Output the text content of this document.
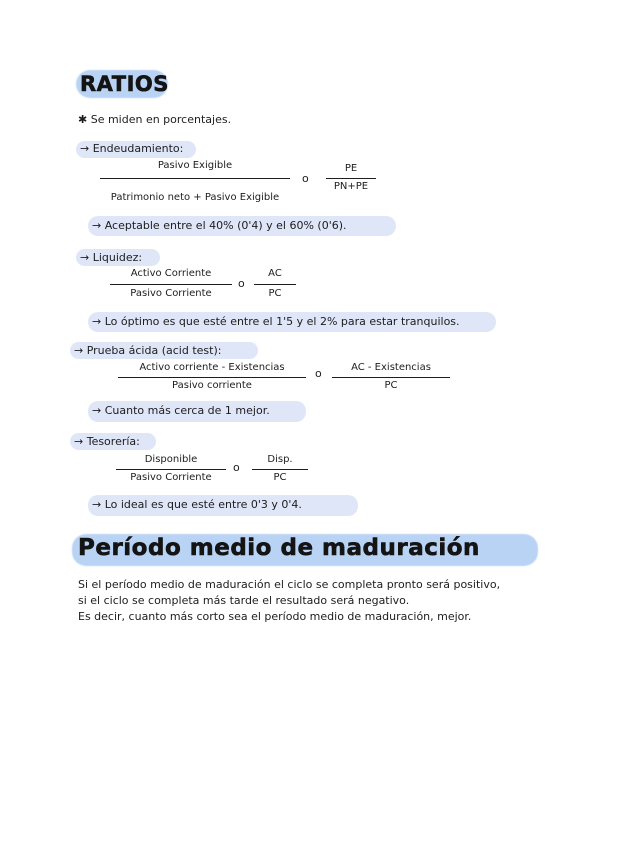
RATIOS
✱ Se miden en porcentajes.
→ Endeudamiento:
Pasivo Exigible
Patrimonio neto + Pasivo Exigible
o
PE
PN+PE
→ Aceptable entre el 40% (0'4) y el 60% (0'6).
→ Liquidez:
Activo Corriente
Pasivo Corriente
o
AC
PC
→ Lo óptimo es que esté entre el 1'5 y el 2% para estar tranquilos.
→ Prueba ácida (acid test):
Activo corriente - Existencias
Pasivo corriente
o	AC - Existencias
PC
→ Cuanto más cerca de 1 mejor.
→ Tesorería:
Disponible
Pasivo Corriente
o
Disp.
PC
→ Lo ideal es que esté entre 0'3 y 0'4.
Período medio de maduración
Si el período medio de maduración el ciclo se completa pronto será positivo,
si el ciclo se completa más tarde el resultado será negativo.
Es decir, cuanto más corto sea el período medio de maduración, mejor.
